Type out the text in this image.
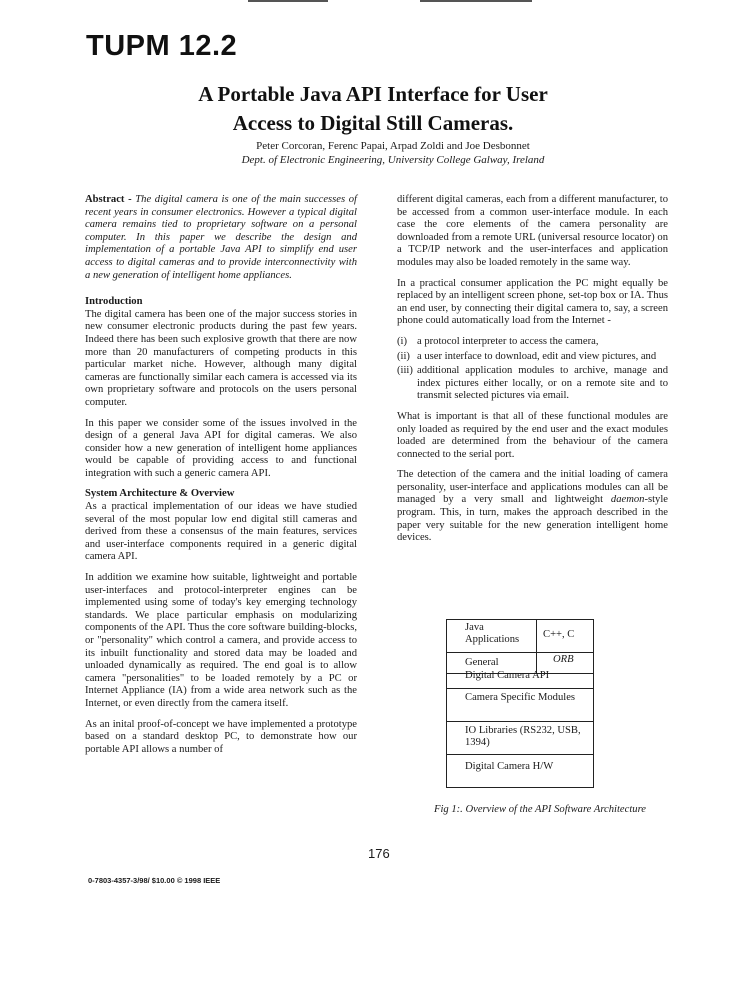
TUPM 12.2
A Portable Java API Interface for User
Access to Digital Still Cameras.
Peter Corcoran, Ferenc Papai, Arpad Zoldi and Joe Desbonnet
Dept. of Electronic Engineering, University College Galway, Ireland

Abstract - The digital camera is one of the main successes of recent years in consumer electronics. However a typical digital camera remains tied to proprietary software on a personal computer. In this paper we describe the design and implementation of a portable Java API to simplify end user access to digital cameras and to provide interconnectivity with a new generation of intelligent home appliances.

Introduction

The digital camera has been one of the major success stories in new consumer electronic products during the past few years. Indeed there has been such explosive growth that there are now more than 20 manufacturers of competing products in this particular market niche. However, although many digital cameras are functionally similar each camera is accessed via its own proprietary software and protocols on the users personal computer.

In this paper we consider some of the issues involved in the design of a general Java API for digital cameras. We also consider how a new generation of intelligent home appliances would be capable of providing access to and functional integration with such a generic camera API.

System Architecture & Overview

As a practical implementation of our ideas we have studied several of the most popular low end digital still cameras and derived from these a consensus of the main features, services and user-interface components required in a generic digital camera API.

In addition we examine how suitable, lightweight and portable user-interfaces and protocol-interpreter engines can be implemented using some of today's key emerging technology standards. We place particular emphasis on modularizing components of the API. Thus the core software building-blocks, or "personality" which control a camera, and provide access to its inbuilt functionality and stored data may be loaded and unloaded dynamically as required. The end goal is to allow camera "personalities" to be loaded remotely by a PC or Internet Appliance (IA) from a wide area network such as the Internet, or even directly from the camera itself.

As an inital proof-of-concept we have implemented a prototype based on a standard desktop PC, to demonstrate how our portable API allows a number of

different digital cameras, each from a different manufacturer, to be accessed from a common user-interface module. In each case the core elements of the camera personality are downloaded from a remote URL (universal resource locator) on a TCP/IP network and the user-interfaces and application modules may also be loaded remotely in the same way.

In a practical consumer application the PC might equally be replaced by an intelligent screen phone, set-top box or IA. Thus an end user, by connecting their digital camera to, say, a screen phone could automatically load from the Internet -

(i) a protocol interpreter to access the camera,
(ii) a user interface to download, edit and view pictures, and
(iii) additional application modules to archive, manage and index pictures either locally, or on a remote site and to transmit selected pictures via email.

What is important is that all of these functional modules are only loaded as required by the end user and the exact modules loaded are determined from the behaviour of the camera connected to the serial port.

The detection of the camera and the initial loading of camera personality, user-interface and applications modules can all be managed by a very small and lightweight daemon-style program. This, in turn, makes the approach described in the paper very suitable for the new generation intelligent home devices.

Java Applications	C++, C
General	ORB
Digital Camera API
Camera Specific Modules
IO Libraries (RS232, USB, 1394)
Digital Camera H/W
Fig 1:. Overview of the API Software Architecture
176
0-7803-4357-3/98/ $10.00 © 1998 IEEE
